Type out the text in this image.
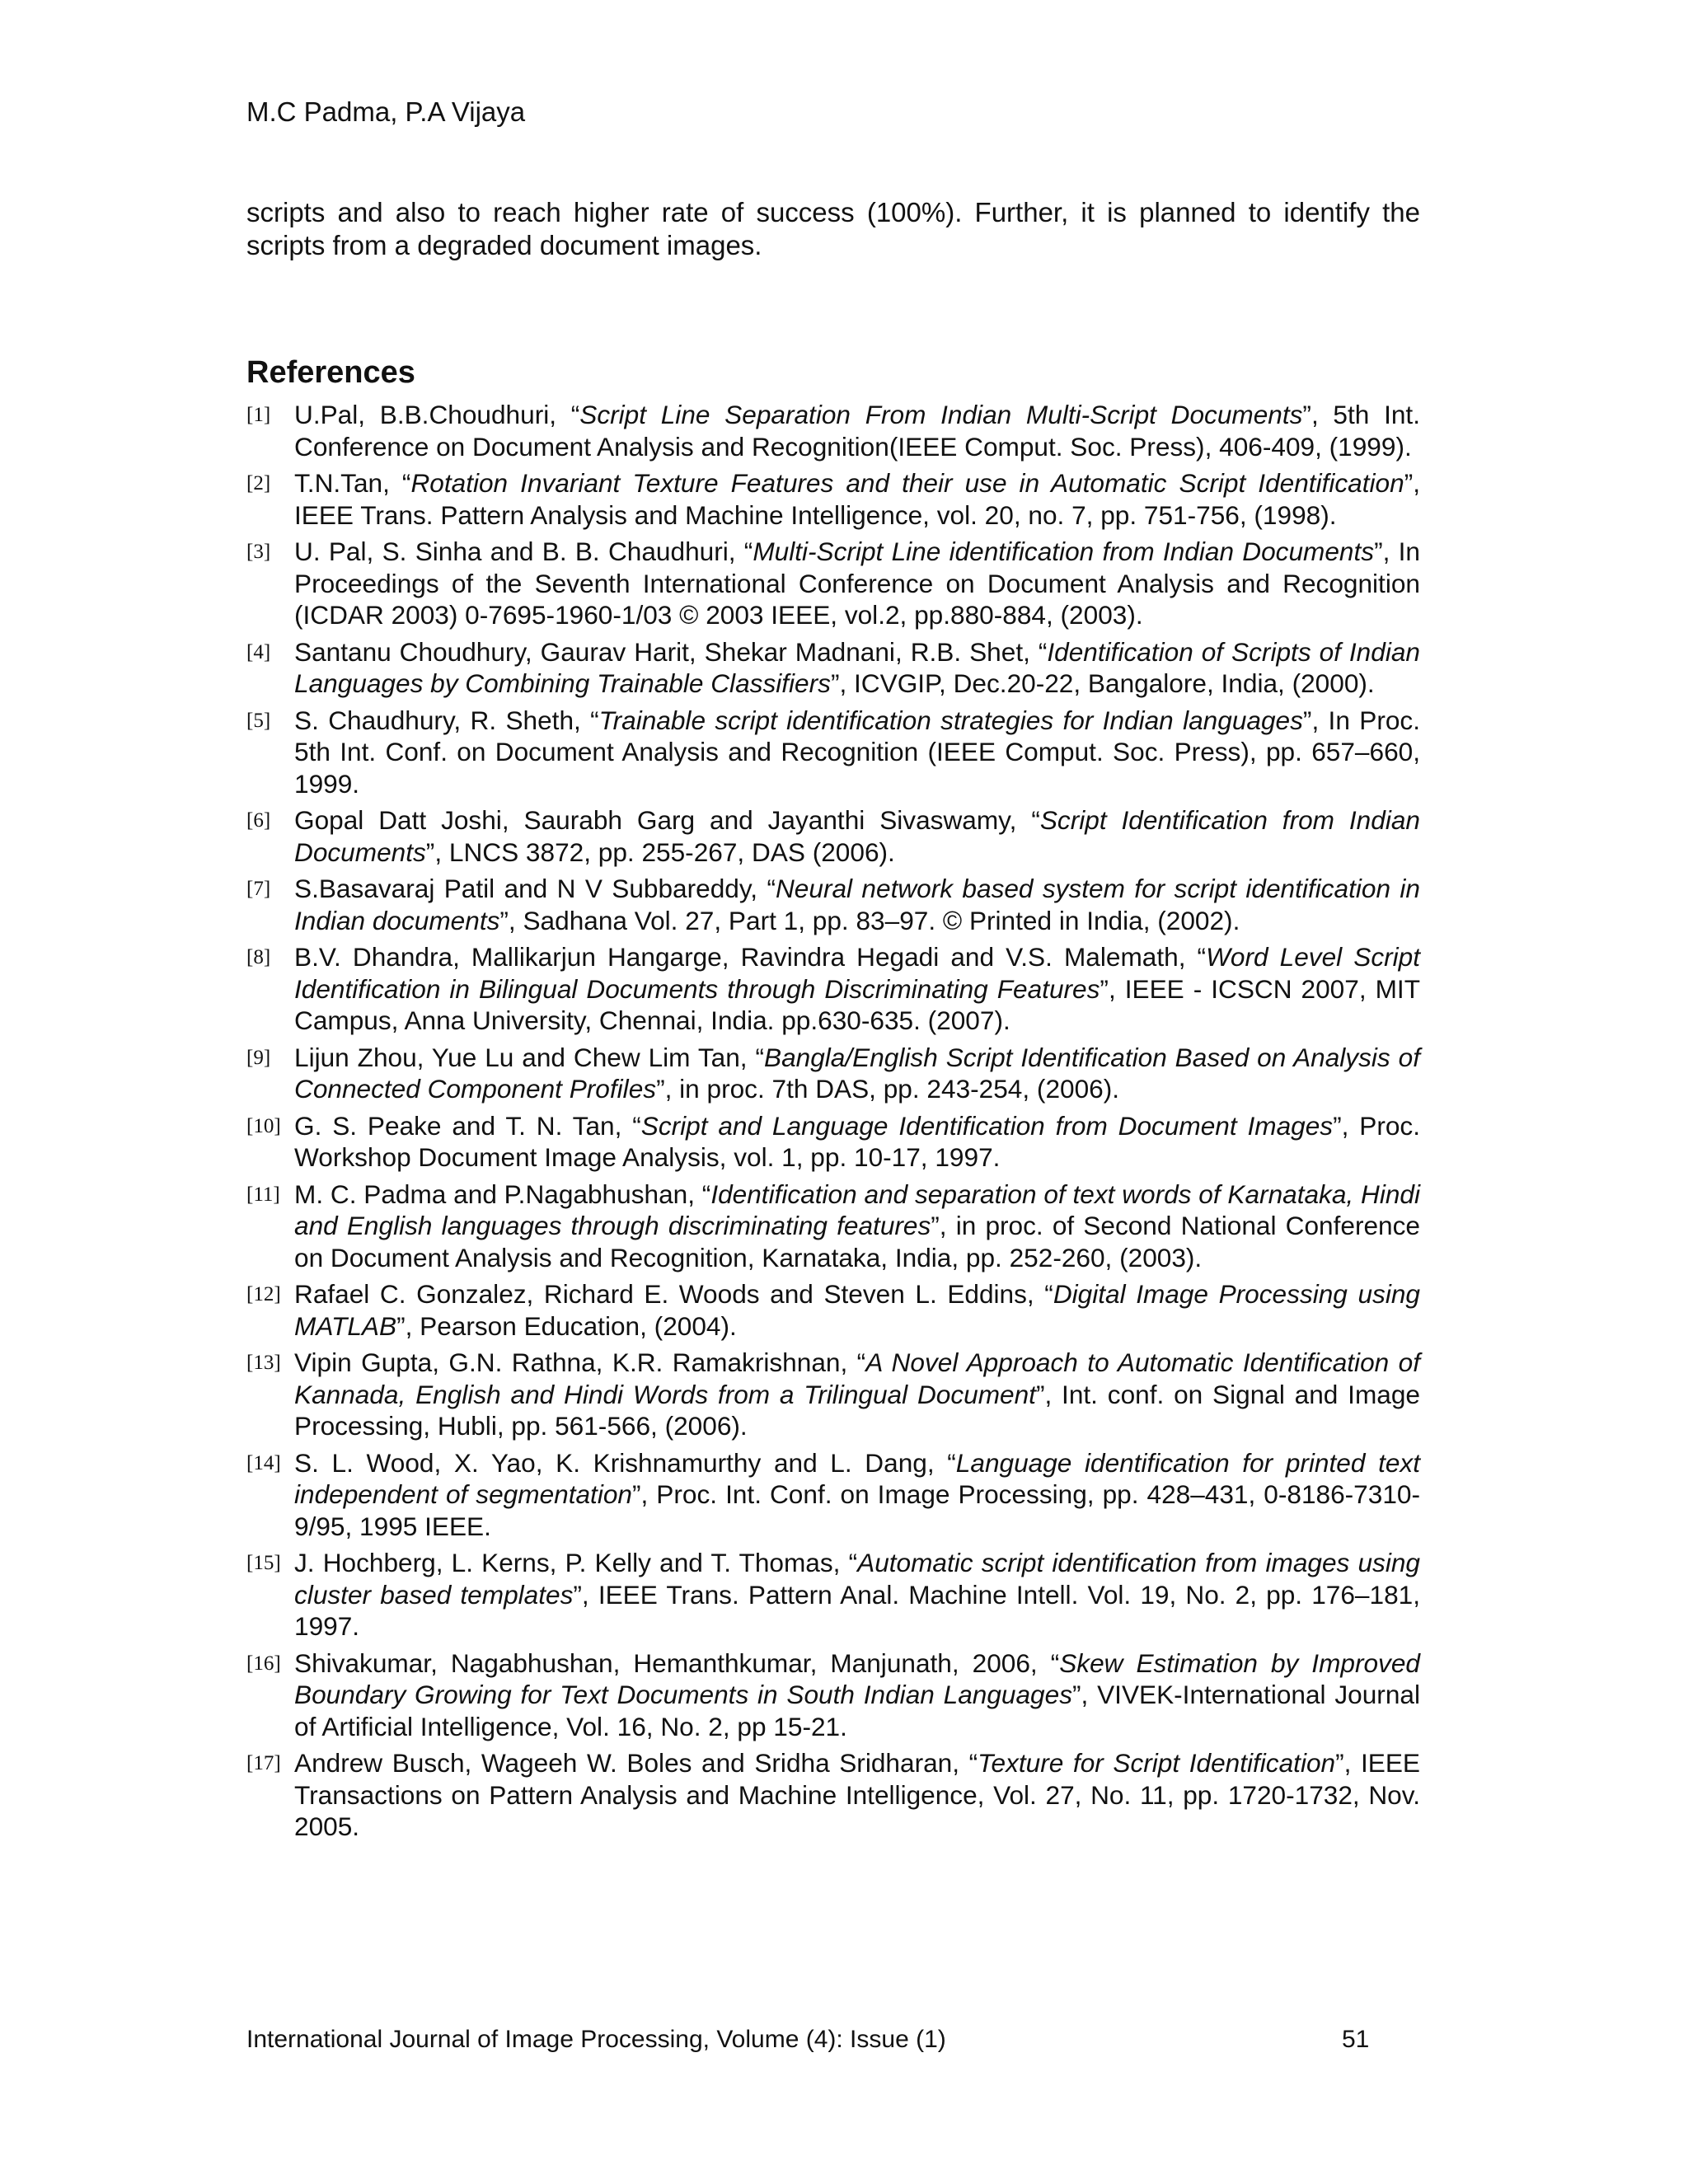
M.C Padma, P.A Vijaya

scripts and also to reach higher rate of success (100%). Further, it is planned to identify the scripts from a degraded document images.

References
[1] U.Pal, B.B.Choudhuri, “Script Line Separation From Indian Multi-Script Documents”, 5th Int. Conference on Document Analysis and Recognition(IEEE Comput. Soc. Press), 406-409, (1999).
[2] T.N.Tan, “Rotation Invariant Texture Features and their use in Automatic Script Identification”, IEEE Trans. Pattern Analysis and Machine Intelligence, vol. 20, no. 7, pp. 751-756, (1998).
[3] U. Pal, S. Sinha and B. B. Chaudhuri, “Multi-Script Line identification from Indian Documents”, In Proceedings of the Seventh International Conference on Document Analysis and Recognition (ICDAR 2003) 0-7695-1960-1/03 © 2003 IEEE, vol.2, pp.880-884, (2003).
[4] Santanu Choudhury, Gaurav Harit, Shekar Madnani, R.B. Shet, “Identification of Scripts of Indian Languages by Combining Trainable Classifiers”, ICVGIP, Dec.20-22, Bangalore, India, (2000).
[5] S. Chaudhury, R. Sheth, “Trainable script identification strategies for Indian languages”, In Proc. 5th Int. Conf. on Document Analysis and Recognition (IEEE Comput. Soc. Press), pp. 657–660, 1999.
[6] Gopal Datt Joshi, Saurabh Garg and Jayanthi Sivaswamy, “Script Identification from Indian Documents”, LNCS 3872, pp. 255-267, DAS (2006).
[7] S.Basavaraj Patil and N V Subbareddy, “Neural network based system for script identification in Indian documents”, Sadhana Vol. 27, Part 1, pp. 83–97. © Printed in India, (2002).
[8] B.V. Dhandra, Mallikarjun Hangarge, Ravindra Hegadi and V.S. Malemath, “Word Level Script Identification in Bilingual Documents through Discriminating Features”, IEEE - ICSCN 2007, MIT Campus, Anna University, Chennai, India. pp.630-635. (2007).
[9] Lijun Zhou, Yue Lu and Chew Lim Tan, “Bangla/English Script Identification Based on Analysis of Connected Component Profiles”, in proc. 7th DAS, pp. 243-254, (2006).
[10] G. S. Peake and T. N. Tan, “Script and Language Identification from Document Images”, Proc. Workshop Document Image Analysis, vol. 1, pp. 10-17, 1997.
[11] M. C. Padma and P.Nagabhushan, “Identification and separation of text words of Karnataka, Hindi and English languages through discriminating features”, in proc. of Second National Conference on Document Analysis and Recognition, Karnataka, India, pp. 252-260, (2003).
[12] Rafael C. Gonzalez, Richard E. Woods and Steven L. Eddins, “Digital Image Processing using MATLAB”, Pearson Education, (2004).
[13] Vipin Gupta, G.N. Rathna, K.R. Ramakrishnan, “A Novel Approach to Automatic Identification of Kannada, English and Hindi Words from a Trilingual Document”, Int. conf. on Signal and Image Processing, Hubli, pp. 561-566, (2006).
[14] S. L. Wood, X. Yao, K. Krishnamurthy and L. Dang, “Language identification for printed text independent of segmentation”, Proc. Int. Conf. on Image Processing, pp. 428–431, 0-8186-7310-9/95, 1995 IEEE.
[15] J. Hochberg, L. Kerns, P. Kelly and T. Thomas, “Automatic script identification from images using cluster based templates”, IEEE Trans. Pattern Anal. Machine Intell. Vol. 19, No. 2, pp. 176–181, 1997.
[16] Shivakumar, Nagabhushan, Hemanthkumar, Manjunath, 2006, “Skew Estimation by Improved Boundary Growing for Text Documents in South Indian Languages”, VIVEK-International Journal of Artificial Intelligence, Vol. 16, No. 2, pp 15-21.
[17] Andrew Busch, Wageeh W. Boles and Sridha Sridharan, “Texture for Script Identification”, IEEE Transactions on Pattern Analysis and Machine Intelligence, Vol. 27, No. 11, pp. 1720-1732, Nov. 2005.
International Journal of Image Processing, Volume (4): Issue (1)	51
